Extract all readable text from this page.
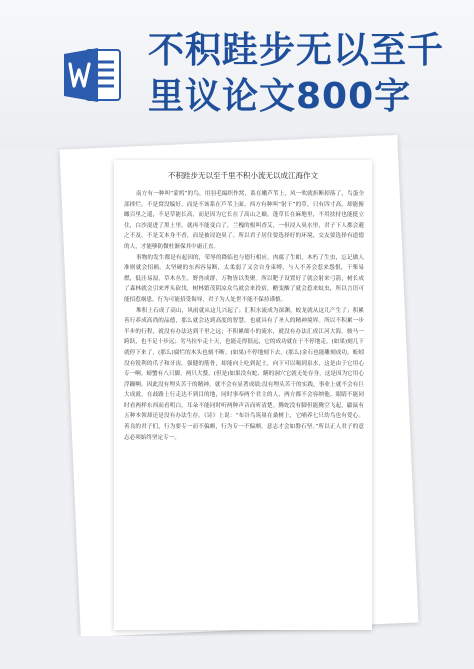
不积跬步无以至千
里议论文800字
不积跬步无以至千里不积小流无以成江海作文

南方有一种叫“蒙鸠”的鸟，用羽毛编织作窝，系在嫩芦苇上，风一吹就折断掉落了，鸟蛋全部摔烂。不是窝没编好，而是不该系在芦苇上面。西方有种叫“射干”的草，只有四寸高，却能俯瞰百里之遥，不是草能长高，而是因为它长在了高山之巅。蓬草长在麻地里，不用扶持也能挺立住，白沙混进了黑土里，就再不能变白了，兰槐的根叫香艾，一但浸入臭水里，君子下人都会避之不及，不是艾本身不香，而是被浸泡臭了。所以君子居住要选择好的环境，交友要选择有道德的人，才能够防微杜渐保其中庸正直。

事物的发生都是有起因的，荣辱的降临也与德行相应。肉腐了生蛆，木朽了生虫，忘记做人准则就会招祸。太坚硬的东西容易断，太柔弱了又会自身束缚，与人不善会惹来怨恨，干柴易燃，低洼易湿，草木丛生，野兽成群，万物皆以类聚。所以靶子设置好了就会射来弓箭，树长成了森林就会引来斧头砍伐，树林繁茂阴凉众鸟就会来投宿，醋变酸了就会惹来蚊虫，所以言语可能招惹祸患，行为可能招受侮辱，君子为人处世不能不保持谨慎。

堆积土石成了高山，风雨就从这儿兴起了；汇积水流成为深渊，蛟龙就从这儿产生了；积累善行养成高尚的品德，那么就会达到高度的智慧，也就具有了圣人的精神境界。所以不积累一步半步的行程，就没有办法达到千里之远；不积累细小的流水，就没有办法汇成江河大海。骏马一跨跃，也不足十步远；劣马拉车走十天，也能走得很远，它的成功就在于不停地走。(如果)刻几下就停下来了，(那么)腐烂的木头也刻不断。(如果)不停地刻下去，(那么)金石也能雕刻成功。蚯蚓没有锐利的爪子和牙齿，强健的筋骨，却能向上吃到泥土，向下可以喝到泉水，这是由于它用心专一啊。螃蟹有八只脚，两只大螯，(但是)如果没有蛇、鳝的洞穴它就无处存身，这是因为它用心浮躁啊。因此没有埋头苦干的精神，就不会有显著成绩;没有埋头苦干的实践，事业上就不会有巨大成就。在歧路上行走达不到目的地，同时事奉两个君主的人，两方都不会容纳他。眼睛不能同时看两样东西而看明白，耳朵不能同时听两种声音而听清楚。腾蛇没有脚但能腾空飞起，鼯鼠有五种本领却还是没有办法生存。《诗》上说：“布谷鸟筑巢在桑树上，它哺养七只幼鸟也有爱心。善良的君子们，行为要专一而不偏颇，行为专一不偏颇，意志才会如磐石坚。”所以正人君子的意志必须始终坚定专一。
